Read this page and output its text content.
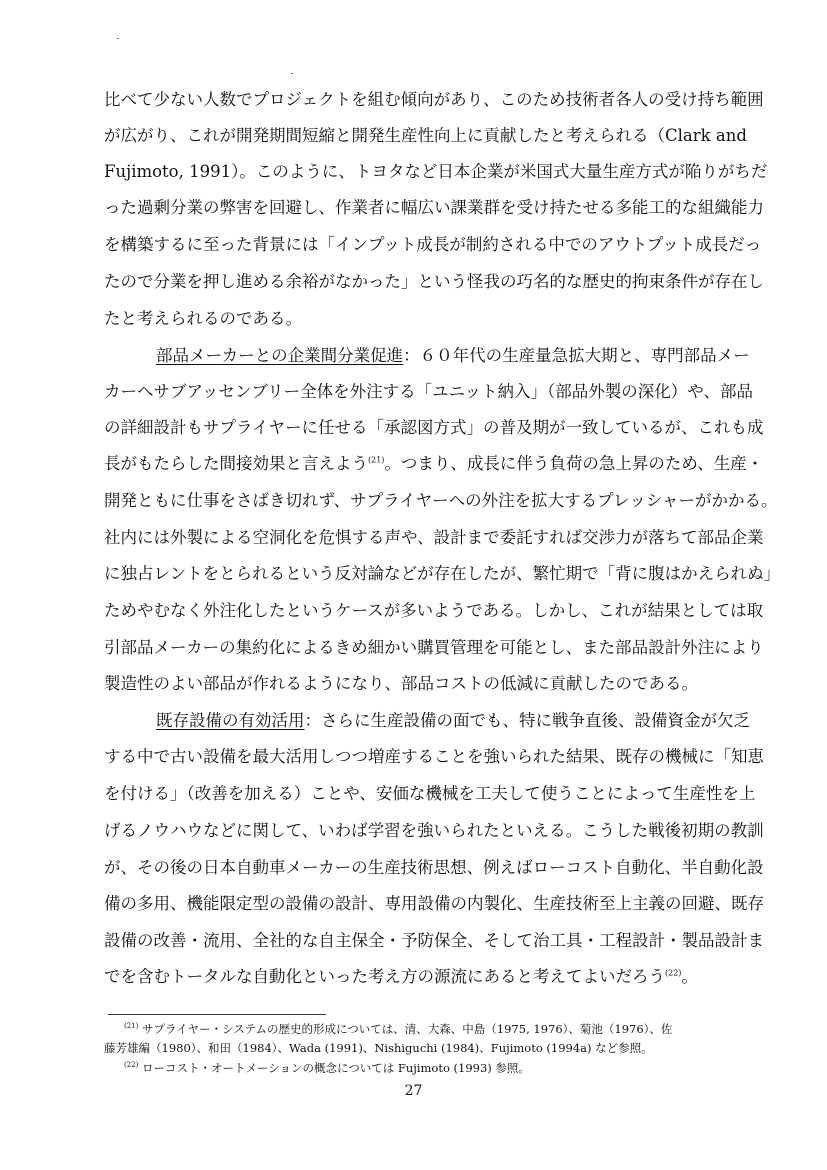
比べて少ない人数でプロジェクトを組む傾向があり、このため技術者各人の受け持ち範囲
が広がり、これが開発期間短縮と開発生産性向上に貢献したと考えられる（Clark and
Fujimoto, 1991）。このように、トヨタなど日本企業が米国式大量生産方式が陥りがちだ
った過剰分業の弊害を回避し、作業者に幅広い課業群を受け持たせる多能工的な組織能力
を構築するに至った背景には「インプット成長が制約される中でのアウトプット成長だっ
たので分業を押し進める余裕がなかった」という怪我の巧名的な歴史的拘束条件が存在し
たと考えられるのである。
部品メーカーとの企業間分業促進：６０年代の生産量急拡大期と、専門部品メー
カーへサブアッセンブリー全体を外注する「ユニット納入」（部品外製の深化）や、部品
の詳細設計もサプライヤーに任せる「承認図方式」の普及期が一致しているが、これも成
長がもたらした間接効果と言えよう$^{(21)}$。つまり、成長に伴う負荷の急上昇のため、生産・
開発ともに仕事をさばき切れず、サプライヤーへの外注を拡大するプレッシャーがかかる。
社内には外製による空洞化を危惧する声や、設計まで委託すれば交渉力が落ちて部品企業
に独占レントをとられるという反対論などが存在したが、繁忙期で「背に腹はかえられぬ」
ためやむなく外注化したというケースが多いようである。しかし、これが結果としては取
引部品メーカーの集約化によるきめ細かい購買管理を可能とし、また部品設計外注により
製造性のよい部品が作れるようになり、部品コストの低減に貢献したのである。
既存設備の有効活用：さらに生産設備の面でも、特に戦争直後、設備資金が欠乏
する中で古い設備を最大活用しつつ増産することを強いられた結果、既存の機械に「知恵
を付ける」（改善を加える）ことや、安価な機械を工夫して使うことによって生産性を上
げるノウハウなどに関して、いわば学習を強いられたといえる。こうした戦後初期の教訓
が、その後の日本自動車メーカーの生産技術思想、例えばローコスト自動化、半自動化設
備の多用、機能限定型の設備の設計、専用設備の内製化、生産技術至上主義の回避、既存
設備の改善・流用、全社的な自主保全・予防保全、そして治工具・工程設計・製品設計ま
でを含むトータルな自動化といった考え方の源流にあると考えてよいだろう$^{(22)}$。
$^{(21)}$ サプライヤー・システムの歴史的形成については、清、大森、中島（1975, 1976）、菊池（1976）、佐
藤芳雄編（1980）、和田（1984）、Wada (1991)、Nishiguchi (1984)、Fujimoto (1994a) など参照。
$^{(22)}$ ローコスト・オートメーションの概念については Fujimoto (1993) 参照。
27
